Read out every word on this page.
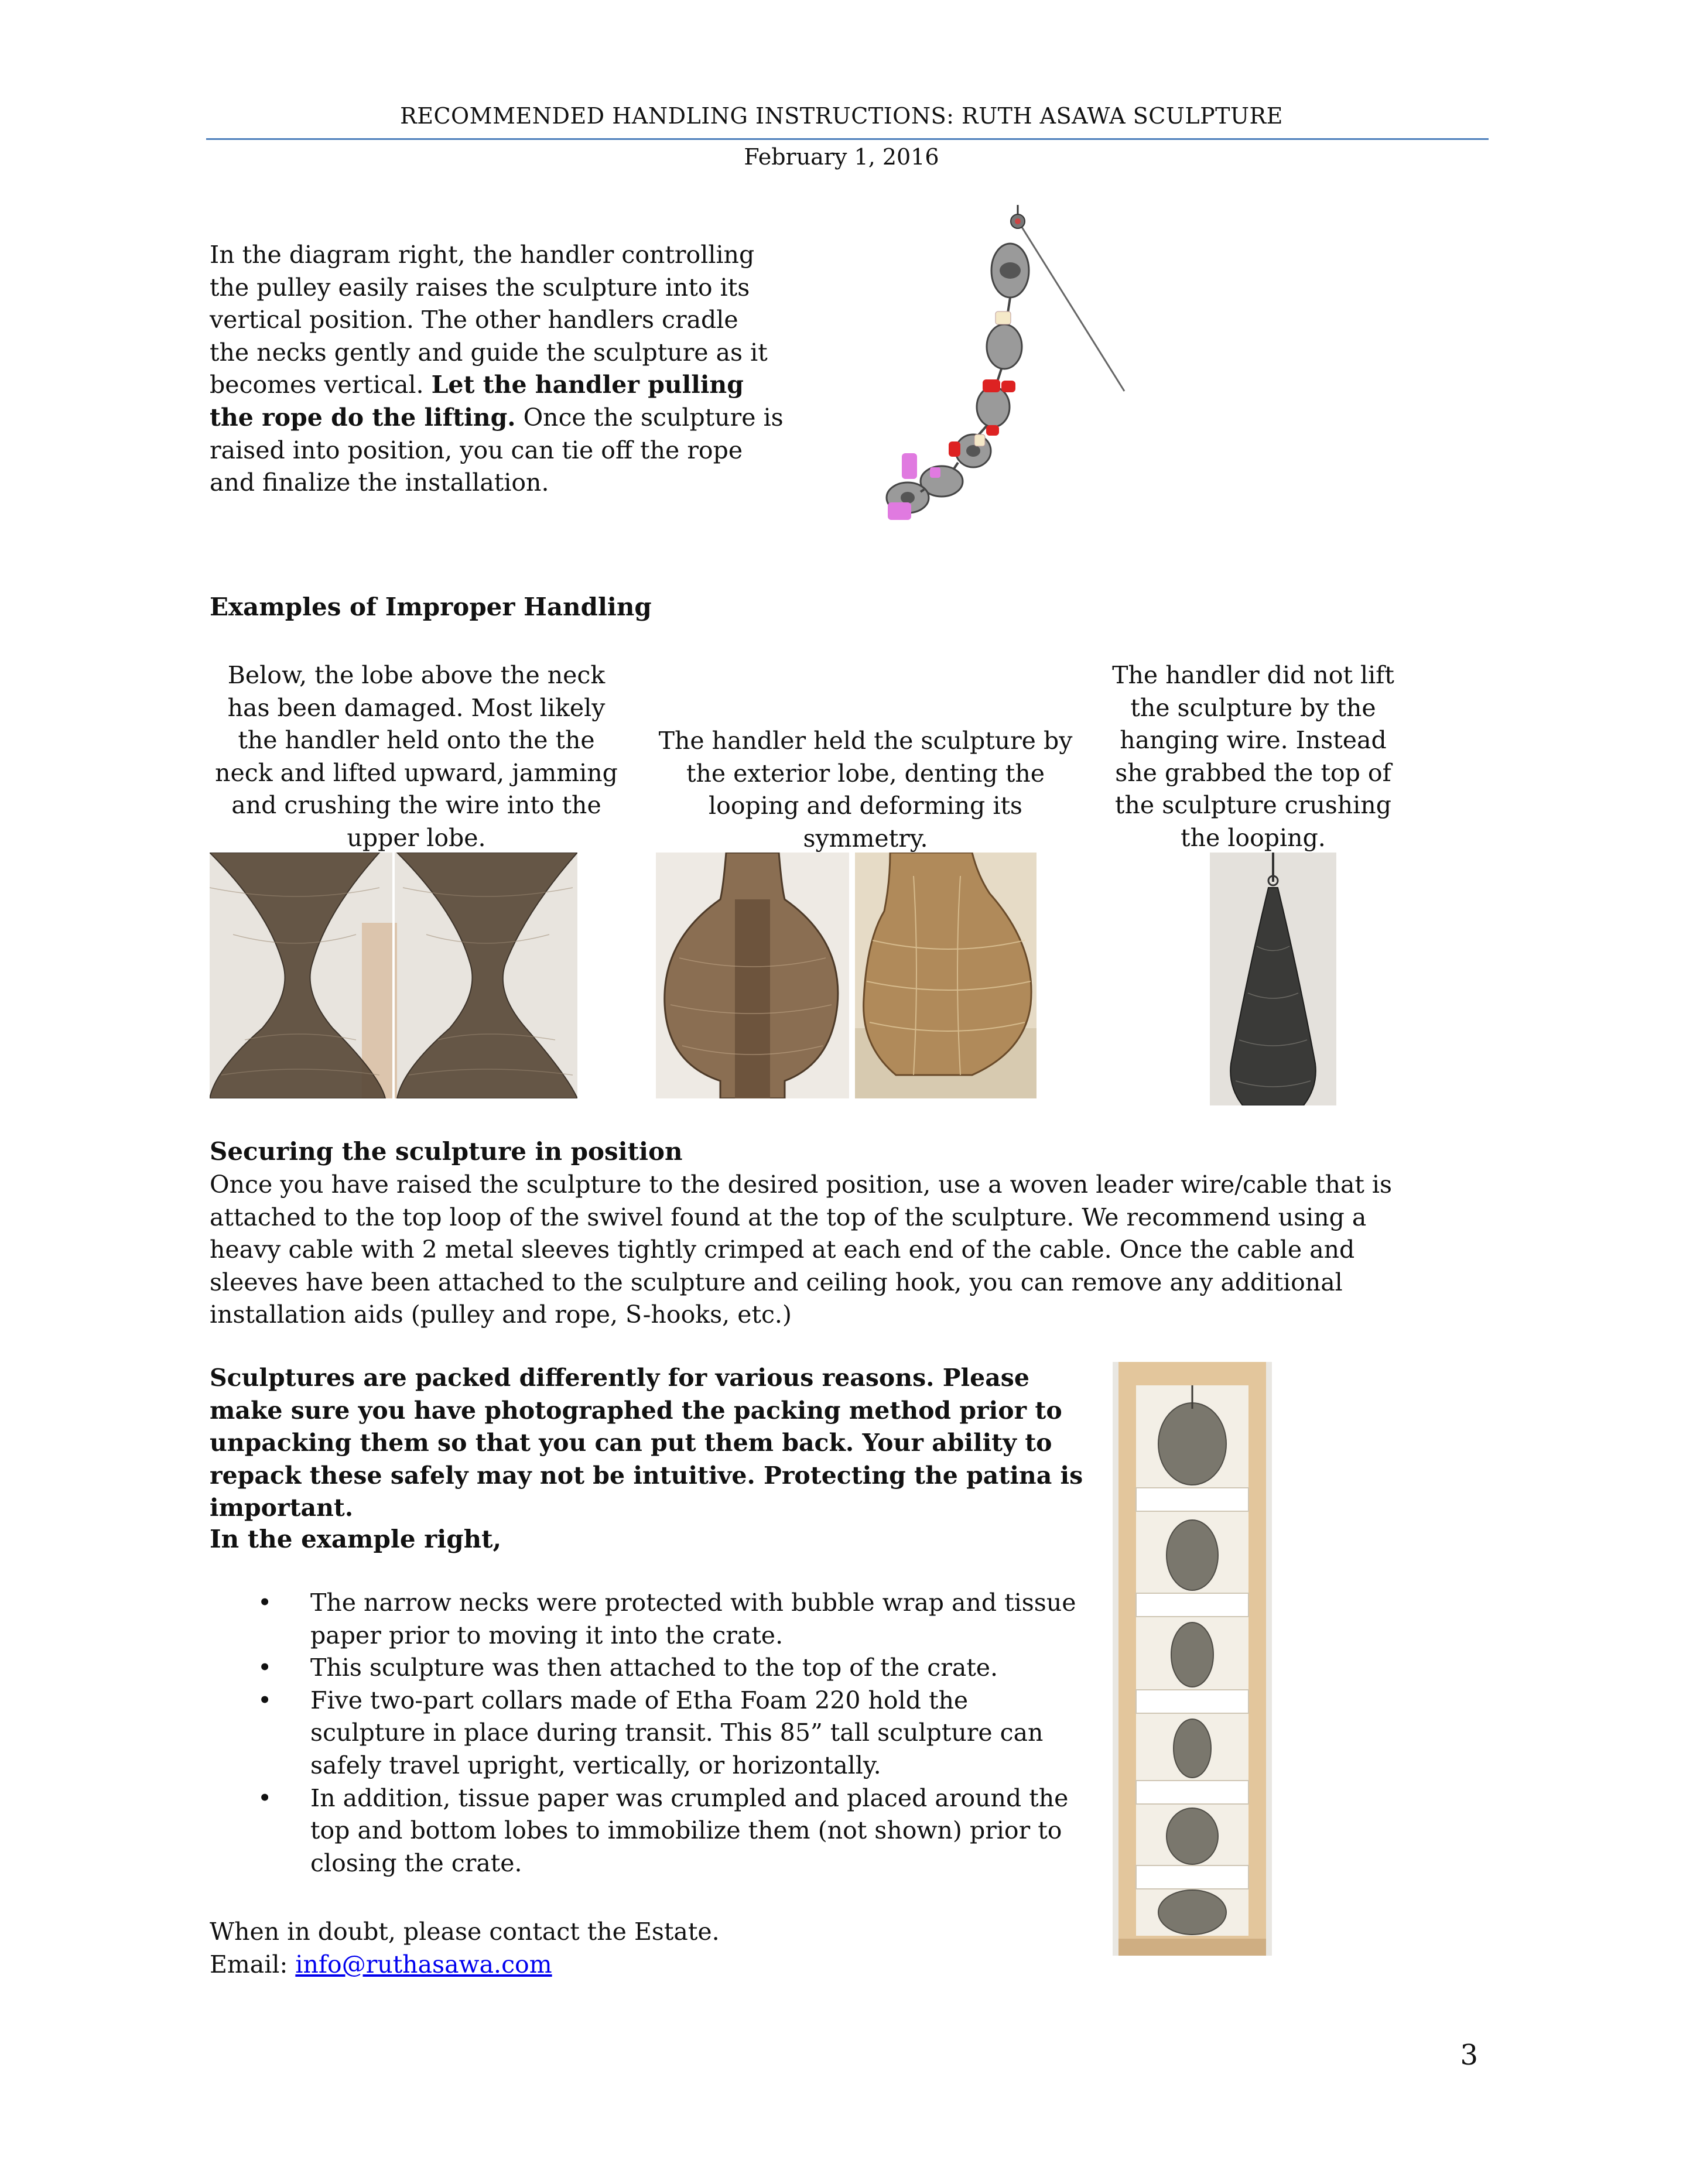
RECOMMENDED HANDLING INSTRUCTIONS: RUTH ASAWA SCULPTURE
February 1, 2016
In the diagram right, the handler controlling the pulley easily raises the sculpture into its vertical position. The other handlers cradle the necks gently and guide the sculpture as it becomes vertical. Let the handler pulling the rope do the lifting. Once the sculpture is raised into position, you can tie off the rope and finalize the installation.
Examples of Improper Handling
Below, the lobe above the neck has been damaged. Most likely the handler held onto the the neck and lifted upward, jamming and crushing the wire into the upper lobe.
The handler held the sculpture by the exterior lobe, denting the looping and deforming its symmetry.
The handler did not lift the sculpture by the hanging wire. Instead she grabbed the top of the sculpture crushing the looping.
Securing the sculpture in position
Once you have raised the sculpture to the desired position, use a woven leader wire/cable that is attached to the top loop of the swivel found at the top of the sculpture. We recommend using a heavy cable with 2 metal sleeves tightly crimped at each end of the cable. Once the cable and sleeves have been attached to the sculpture and ceiling hook, you can remove any additional installation aids (pulley and rope, S-hooks, etc.)
Sculptures are packed differently for various reasons. Please make sure you have photographed the packing method prior to unpacking them so that you can put them back. Your ability to repack these safely may not be intuitive. Protecting the patina is important.
In the example right,
• The narrow necks were protected with bubble wrap and tissue paper prior to moving it into the crate.
• This sculpture was then attached to the top of the crate.
• Five two-part collars made of Etha Foam 220 hold the sculpture in place during transit. This 85” tall sculpture can safely travel upright, vertically, or horizontally.
• In addition, tissue paper was crumpled and placed around the top and bottom lobes to immobilize them (not shown) prior to closing the crate.
When in doubt, please contact the Estate.
Email: info@ruthasawa.com
3
